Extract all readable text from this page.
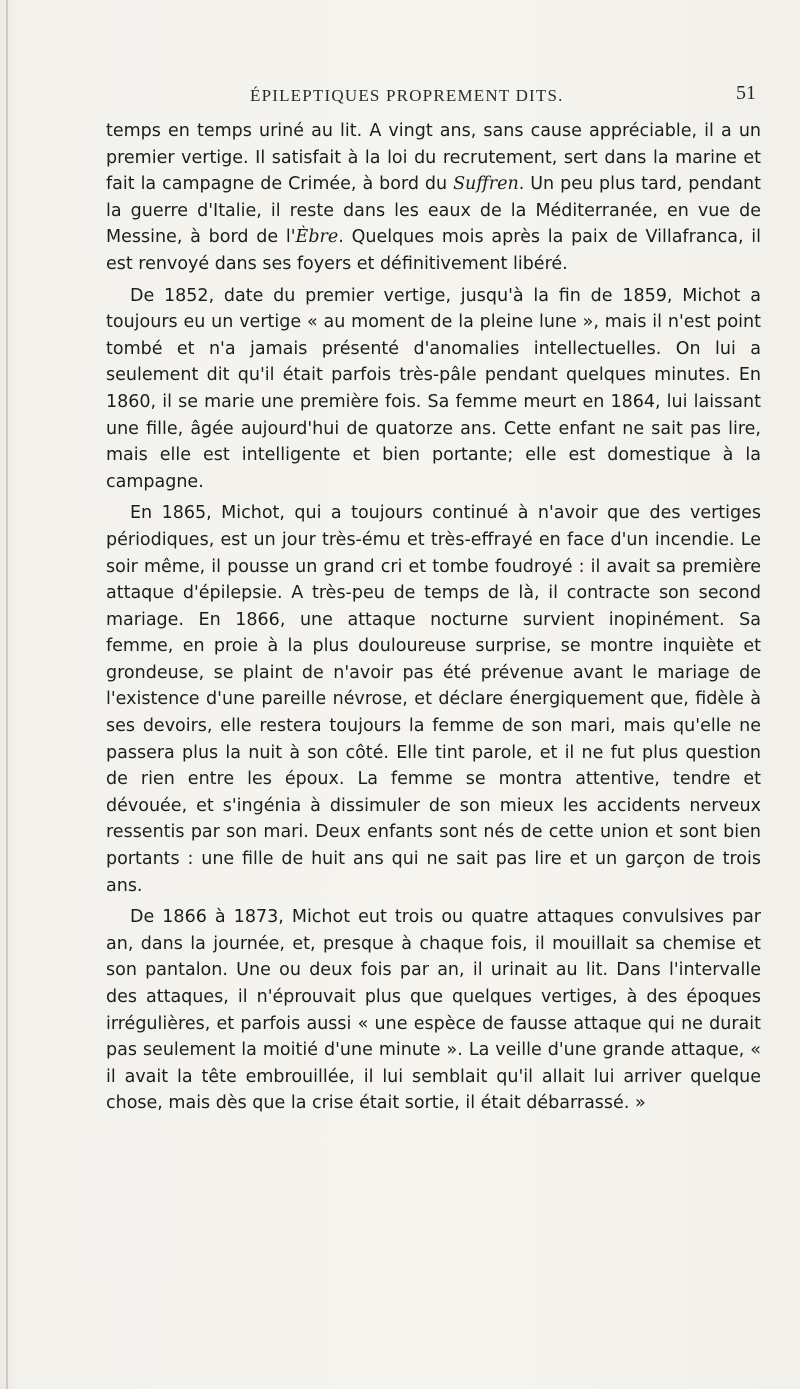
ÉPILEPTIQUES PROPREMENT DITS.	51

temps en temps uriné au lit. A vingt ans, sans cause appréciable, il a un premier vertige. Il satisfait à la loi du recrutement, sert dans la marine et fait la campagne de Crimée, à bord du Suffren. Un peu plus tard, pendant la guerre d'Italie, il reste dans les eaux de la Méditerranée, en vue de Messine, à bord de l'Èbre. Quelques mois après la paix de Villafranca, il est renvoyé dans ses foyers et définitivement libéré.

De 1852, date du premier vertige, jusqu'à la fin de 1859, Michot a toujours eu un vertige « au moment de la pleine lune », mais il n'est point tombé et n'a jamais présenté d'anomalies intellectuelles. On lui a seulement dit qu'il était parfois très-pâle pendant quelques minutes. En 1860, il se marie une première fois. Sa femme meurt en 1864, lui laissant une fille, âgée aujourd'hui de quatorze ans. Cette enfant ne sait pas lire, mais elle est intelligente et bien portante; elle est domestique à la campagne.

En 1865, Michot, qui a toujours continué à n'avoir que des vertiges périodiques, est un jour très-ému et très-effrayé en face d'un incendie. Le soir même, il pousse un grand cri et tombe foudroyé : il avait sa première attaque d'épilepsie. A très-peu de temps de là, il contracte son second mariage. En 1866, une attaque nocturne survient inopinément. Sa femme, en proie à la plus douloureuse surprise, se montre inquiète et grondeuse, se plaint de n'avoir pas été prévenue avant le mariage de l'existence d'une pareille névrose, et déclare énergiquement que, fidèle à ses devoirs, elle restera toujours la femme de son mari, mais qu'elle ne passera plus la nuit à son côté. Elle tint parole, et il ne fut plus question de rien entre les époux. La femme se montra attentive, tendre et dévouée, et s'ingénia à dissimuler de son mieux les accidents nerveux ressentis par son mari. Deux enfants sont nés de cette union et sont bien portants : une fille de huit ans qui ne sait pas lire et un garçon de trois ans.

De 1866 à 1873, Michot eut trois ou quatre attaques convulsives par an, dans la journée, et, presque à chaque fois, il mouillait sa chemise et son pantalon. Une ou deux fois par an, il urinait au lit. Dans l'intervalle des attaques, il n'éprouvait plus que quelques vertiges, à des époques irrégulières, et parfois aussi « une espèce de fausse attaque qui ne durait pas seulement la moitié d'une minute ». La veille d'une grande attaque, « il avait la tête embrouillée, il lui semblait qu'il allait lui arriver quelque chose, mais dès que la crise était sortie, il était débarrassé. »
